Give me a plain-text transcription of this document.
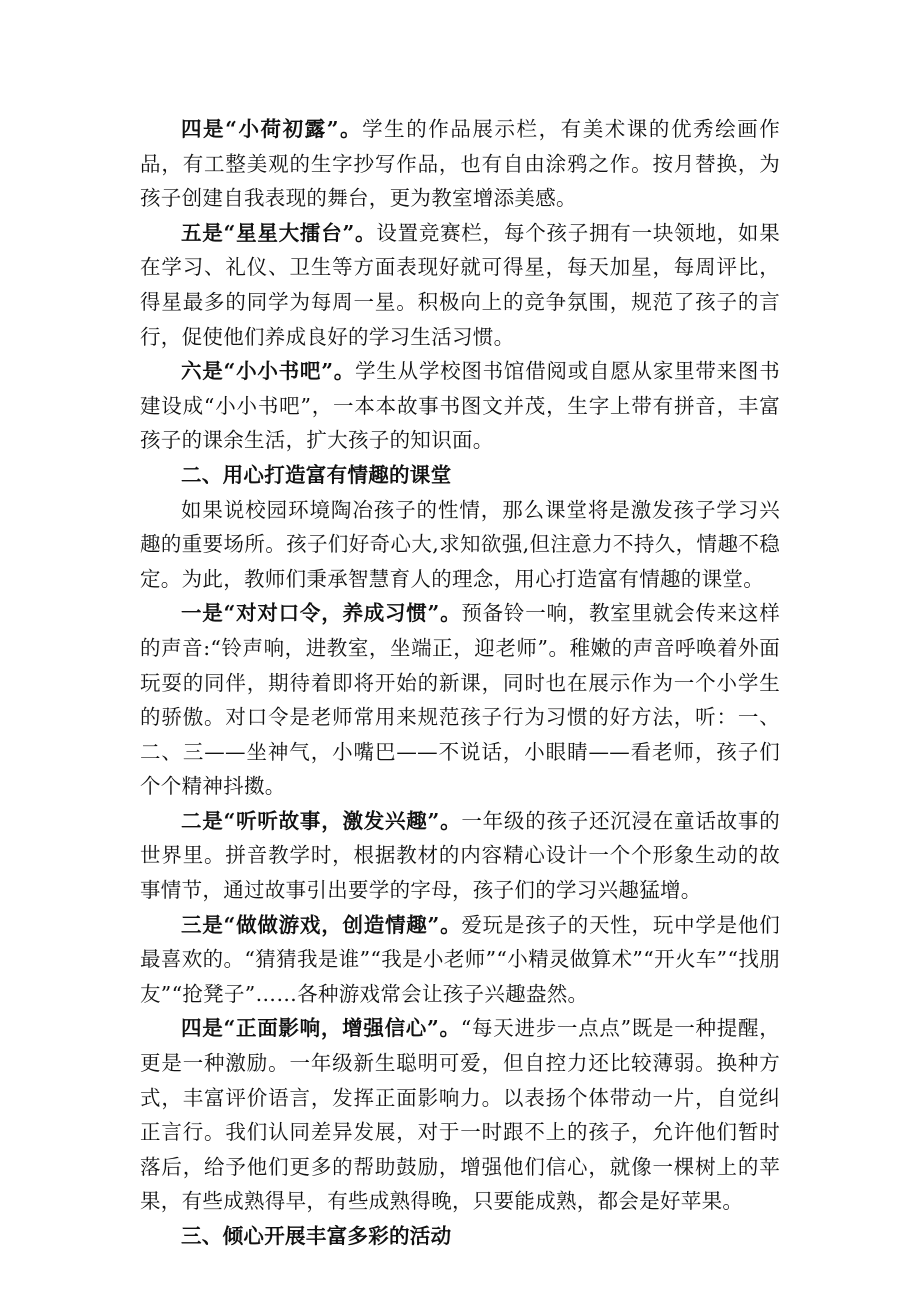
四是“小荷初露”。学生的作品展示栏，有美术课的优秀绘画作品，有工整美观的生字抄写作品，也有自由涂鸦之作。按月替换，为孩子创建自我表现的舞台，更为教室增添美感。

五是“星星大擂台”。设置竞赛栏，每个孩子拥有一块领地，如果在学习、礼仪、卫生等方面表现好就可得星，每天加星，每周评比，得星最多的同学为每周一星。积极向上的竞争氛围，规范了孩子的言行，促使他们养成良好的学习生活习惯。

六是“小小书吧”。学生从学校图书馆借阅或自愿从家里带来图书建设成“小小书吧”，一本本故事书图文并茂，生字上带有拼音，丰富孩子的课余生活，扩大孩子的知识面。

二、用心打造富有情趣的课堂

如果说校园环境陶冶孩子的性情，那么课堂将是激发孩子学习兴趣的重要场所。孩子们好奇心大,求知欲强,但注意力不持久，情趣不稳定。为此，教师们秉承智慧育人的理念，用心打造富有情趣的课堂。

一是“对对口令，养成习惯”。预备铃一响，教室里就会传来这样的声音:“铃声响，进教室，坐端正，迎老师”。稚嫩的声音呼唤着外面玩耍的同伴，期待着即将开始的新课，同时也在展示作为一个小学生的骄傲。对口令是老师常用来规范孩子行为习惯的好方法，听：一、二、三——坐神气，小嘴巴——不说话，小眼睛——看老师，孩子们个个精神抖擞。

二是“听听故事，激发兴趣”。一年级的孩子还沉浸在童话故事的世界里。拼音教学时，根据教材的内容精心设计一个个形象生动的故事情节，通过故事引出要学的字母，孩子们的学习兴趣猛增。

三是“做做游戏，创造情趣”。爱玩是孩子的天性，玩中学是他们最喜欢的。“猜猜我是谁”“我是小老师”“小精灵做算术”“开火车”“找朋友”“抢凳子”……各种游戏常会让孩子兴趣盎然。

四是“正面影响，增强信心”。“每天进步一点点”既是一种提醒，更是一种激励。一年级新生聪明可爱，但自控力还比较薄弱。换种方式，丰富评价语言，发挥正面影响力。以表扬个体带动一片，自觉纠正言行。我们认同差异发展，对于一时跟不上的孩子，允许他们暂时落后，给予他们更多的帮助鼓励，增强他们信心，就像一棵树上的苹果，有些成熟得早，有些成熟得晚，只要能成熟，都会是好苹果。

三、倾心开展丰富多彩的活动
